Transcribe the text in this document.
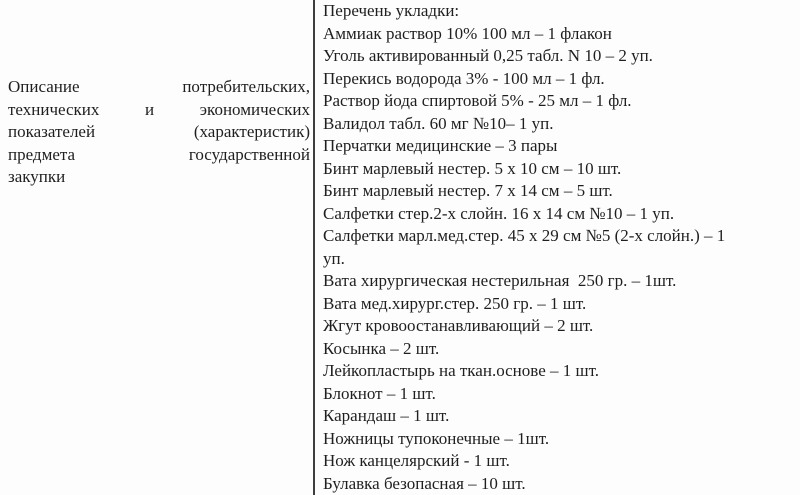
Описание потребительских,
технических и экономических
показателей (характеристик)
предмета государственной
закупки
Перечень укладки:
Аммиак раствор 10% 100 мл – 1 флакон
Уголь активированный 0,25 табл. N 10 – 2 уп.
Перекись водорода 3% - 100 мл – 1 фл.
Раствор йода спиртовой 5% - 25 мл – 1 фл.
Валидол табл. 60 мг №10– 1 уп.
Перчатки медицинские – 3 пары
Бинт марлевый нестер. 5 х 10 см – 10 шт.
Бинт марлевый нестер. 7 х 14 см – 5 шт.
Салфетки стер.2-х слойн. 16 х 14 см №10 – 1 уп.
Салфетки марл.мед.стер. 45 х 29 см №5 (2-х слойн.) – 1
уп.
Вата хирургическая нестерильная  250 гр. – 1шт.
Вата мед.хирург.стер. 250 гр. – 1 шт.
Жгут кровоостанавливающий – 2 шт.
Косынка – 2 шт.
Лейкопластырь на ткан.основе – 1 шт.
Блокнот – 1 шт.
Карандаш – 1 шт.
Ножницы тупоконечные – 1шт.
Нож канцелярский - 1 шт.
Булавка безопасная – 10 шт.
